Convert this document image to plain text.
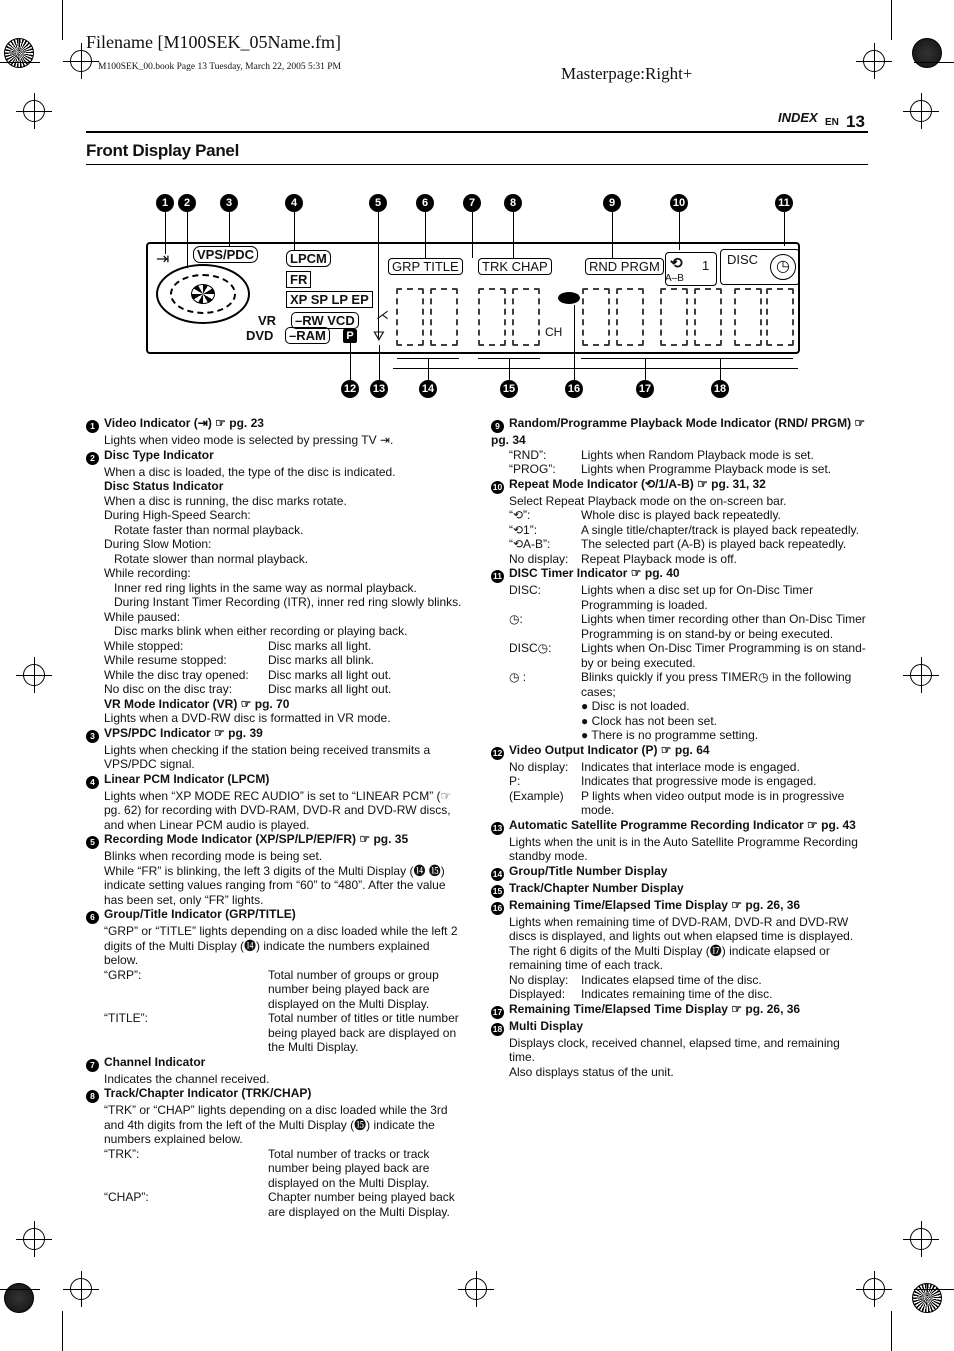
Filename [M100SEK_05Name.fm]
M100SEK_00.book Page 13 Tuesday, March 22, 2005 5:31 PM	Masterpage:Right+
INDEX EN 13
Front Display Panel
1	2	3	4	5	6	7	8	9	10	11
12 13	14	15	16	17	18
⇥	VPS/PDC	LPCM
FR
XP SP LP EP
GRP TITLE	TRK CHAP	RND PRGM ⟲ 1
A–B
DISC	◷
VR	–RW VCD
DVD	–RAM	P ⛛
⋌
CH
1 Video Indicator (⇥) ☞ pg. 23
Lights when video mode is selected by pressing TV ⇥.
2 Disc Type Indicator
When a disc is loaded, the type of the disc is indicated.
Disc Status Indicator
When a disc is running, the disc marks rotate.
During High-Speed Search:
Rotate faster than normal playback.
During Slow Motion:
Rotate slower than normal playback.
While recording:
Inner red ring lights in the same way as normal playback.
During Instant Timer Recording (ITR), inner red ring slowly blinks.
While paused:
Disc marks blink when either recording or playing back.
While stopped:	Disc marks all light.
While resume stopped:	Disc marks all blink.
While the disc tray opened:	Disc marks all light out.
No disc on the disc tray:	Disc marks all light out.
VR Mode Indicator (VR) ☞ pg. 70
Lights when a DVD-RW disc is formatted in VR mode.
3 VPS/PDC Indicator ☞ pg. 39
Lights when checking if the station being received transmits a VPS/PDC signal.
4 Linear PCM Indicator (LPCM)
Lights when “XP MODE REC AUDIO” is set to “LINEAR PCM” (☞ pg. 62) for recording with DVD-RAM, DVD-R and DVD-RW discs, and when Linear PCM audio is played.
5 Recording Mode Indicator (XP/SP/LP/EP/FR) ☞ pg. 35
Blinks when recording mode is being set.
While “FR” is blinking, the left 3 digits of the Multi Display (⓮ ⓯) indicate setting values ranging from “60” to “480”. After the value has been set, only “FR” lights.
6 Group/Title Indicator (GRP/TITLE)
“GRP” or “TITLE” lights depending on a disc loaded while the left 2 digits of the Multi Display (⓮) indicate the numbers explained below.
“GRP”:	Total number of groups or group number being played back are displayed on the Multi Display.
“TITLE”:	Total number of titles or title number being played back are displayed on the Multi Display.
7 Channel Indicator
Indicates the channel received.
8 Track/Chapter Indicator (TRK/CHAP)
“TRK” or “CHAP” lights depending on a disc loaded while the 3rd and 4th digits from the left of the Multi Display (⓯) indicate the numbers explained below.
“TRK”:	Total number of tracks or track number being played back are displayed on the Multi Display.
“CHAP”:	Chapter number being played back are displayed on the Multi Display.
9 Random/Programme Playback Mode Indicator (RND/ PRGM) ☞ pg. 34
“RND”:	Lights when Random Playback mode is set.
“PROG”:	Lights when Programme Playback mode is set.
10 Repeat Mode Indicator (⟲/1/A-B) ☞ pg. 31, 32
Select Repeat Playback mode on the on-screen bar.
“⟲”:	Whole disc is played back repeatedly.
“⟲1”:	A single title/chapter/track is played back repeatedly.
“⟲A-B”:	The selected part (A-B) is played back repeatedly.
No display:	Repeat Playback mode is off.
11 DISC Timer Indicator ☞ pg. 40
DISC:	Lights when a disc set up for On-Disc Timer Programming is loaded.
◷:	Lights when timer recording other than On-Disc Timer Programming is on stand-by or being executed.
DISC◷:	Lights when On-Disc Timer Programming is on stand-by or being executed.
◷ :	Blinks quickly if you press TIMER◷ in the following cases;
● Disc is not loaded.
● Clock has not been set.
● There is no programme setting.
12 Video Output Indicator (P) ☞ pg. 64
No display:	Indicates that interlace mode is engaged.
P:	Indicates that progressive mode is engaged.
(Example)	P lights when video output mode is in progressive mode.
13 Automatic Satellite Programme Recording Indicator ☞ pg. 43
Lights when the unit is in the Auto Satellite Programme Recording standby mode.
14 Group/Title Number Display
15 Track/Chapter Number Display
16 Remaining Time/Elapsed Time Display ☞ pg. 26, 36
Lights when remaining time of DVD-RAM, DVD-R and DVD-RW discs is displayed, and lights out when elapsed time is displayed.
The right 6 digits of the Multi Display (⓱) indicate elapsed or remaining time of each track.
No display:	Indicates elapsed time of the disc.
Displayed:	Indicates remaining time of the disc.
17 Remaining Time/Elapsed Time Display ☞ pg. 26, 36
18 Multi Display
Displays clock, received channel, elapsed time, and remaining time.
Also displays status of the unit.
